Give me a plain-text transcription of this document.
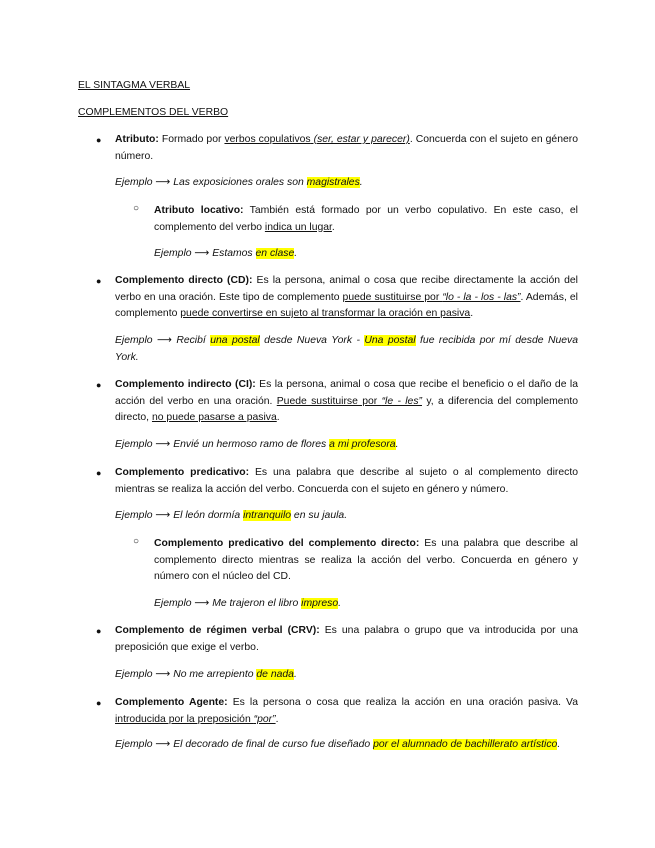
EL SINTAGMA VERBAL
COMPLEMENTOS DEL VERBO
● Atributo: Formado por verbos copulativos (ser, estar y parecer). Concuerda con el sujeto en género número.
Ejemplo ⟶ Las exposiciones orales son magistrales.
○ Atributo locativo: También está formado por un verbo copulativo. En este caso, el complemento del verbo indica un lugar.
Ejemplo ⟶ Estamos en clase.
● Complemento directo (CD): Es la persona, animal o cosa que recibe directamente la acción del verbo en una oración. Este tipo de complemento puede sustituirse por “lo - la - los - las”. Además, el complemento puede convertirse en sujeto al transformar la oración en pasiva.
Ejemplo ⟶ Recibí una postal desde Nueva York - Una postal fue recibida por mí desde Nueva York.
● Complemento indirecto (CI): Es la persona, animal o cosa que recibe el beneficio o el daño de la acción del verbo en una oración. Puede sustituirse por “le - les” y, a diferencia del complemento directo, no puede pasarse a pasiva.
Ejemplo ⟶ Envié un hermoso ramo de flores a mi profesora.
● Complemento predicativo: Es una palabra que describe al sujeto o al complemento directo mientras se realiza la acción del verbo. Concuerda con el sujeto en género y número.
Ejemplo ⟶ El león dormía intranquilo en su jaula.
○ Complemento predicativo del complemento directo: Es una palabra que describe al complemento directo mientras se realiza la acción del verbo. Concuerda en género y número con el núcleo del CD.
Ejemplo ⟶ Me trajeron el libro impreso.
● Complemento de régimen verbal (CRV): Es una palabra o grupo que va introducida por una preposición que exige el verbo.
Ejemplo ⟶ No me arrepiento de nada.
● Complemento Agente: Es la persona o cosa que realiza la acción en una oración pasiva. Va introducida por la preposición “por”.
Ejemplo ⟶ El decorado de final de curso fue diseñado por el alumnado de bachillerato artístico.
